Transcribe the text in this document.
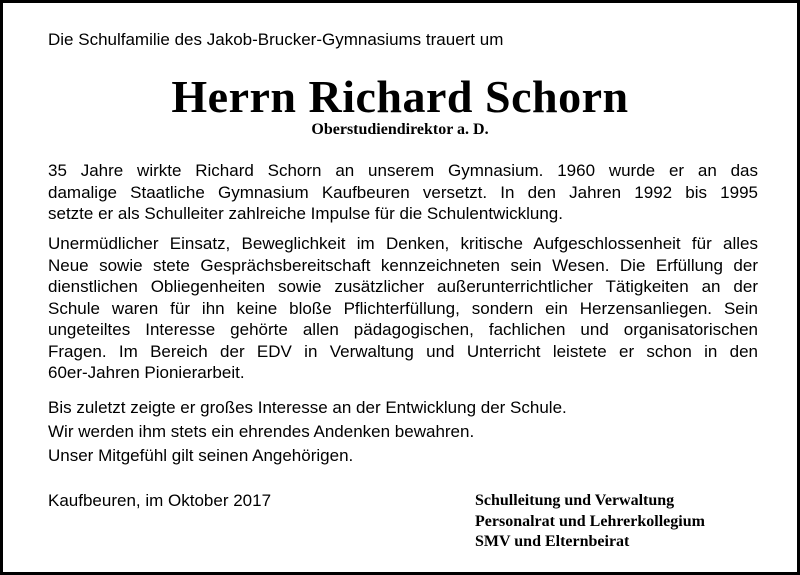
Die Schulfamilie des Jakob-Brucker-Gymnasiums trauert um
Herrn Richard Schorn
Oberstudiendirektor a. D.

35 Jahre wirkte Richard Schorn an unserem Gymnasium. 1960 wurde er an das

damalige Staatliche Gymnasium Kaufbeuren versetzt. In den Jahren 1992 bis 1995

setzte er als Schulleiter zahlreiche Impulse für die Schulentwicklung.

Unermüdlicher Einsatz, Beweglichkeit im Denken, kritische Aufgeschlossenheit für alles

Neue sowie stete Gesprächsbereitschaft kennzeichneten sein Wesen. Die Erfüllung der

dienstlichen Obliegenheiten sowie zusätzlicher außerunterrichtlicher Tätigkeiten an der

Schule waren für ihn keine bloße Pflichterfüllung, sondern ein Herzensanliegen. Sein

ungeteiltes Interesse gehörte allen pädagogischen, fachlichen und organisatorischen

Fragen. Im Bereich der EDV in Verwaltung und Unterricht leistete er schon in den

60er-Jahren Pionierarbeit.

Bis zuletzt zeigte er großes Interesse an der Entwicklung der Schule.

Wir werden ihm stets ein ehrendes Andenken bewahren.

Unser Mitgefühl gilt seinen Angehörigen.

Kaufbeuren, im Oktober 2017	Schulleitung und Verwaltung
Personalrat und Lehrerkollegium
SMV und Elternbeirat
